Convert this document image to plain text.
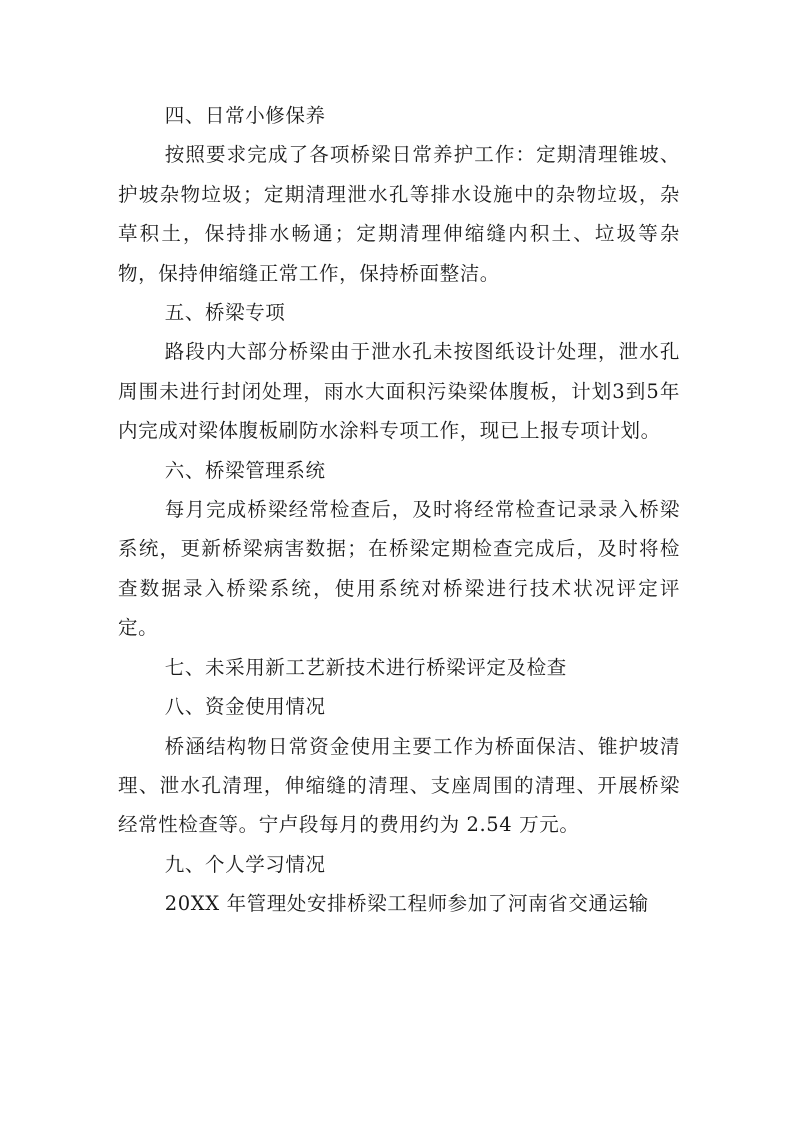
四、日常小修保养

按照要求完成了各项桥梁日常养护工作：定期清理锥坡、护坡杂物垃圾；定期清理泄水孔等排水设施中的杂物垃圾，杂草积土，保持排水畅通；定期清理伸缩缝内积土、垃圾等杂物，保持伸缩缝正常工作，保持桥面整洁。

五、桥梁专项

路段内大部分桥梁由于泄水孔未按图纸设计处理，泄水孔周围未进行封闭处理，雨水大面积污染梁体腹板，计划3到5年内完成对梁体腹板刷防水涂料专项工作，现已上报专项计划。

六、桥梁管理系统

每月完成桥梁经常检查后，及时将经常检查记录录入桥梁系统，更新桥梁病害数据；在桥梁定期检查完成后，及时将检查数据录入桥梁系统，使用系统对桥梁进行技术状况评定评定。

七、未采用新工艺新技术进行桥梁评定及检查

八、资金使用情况

桥涵结构物日常资金使用主要工作为桥面保洁、锥护坡清理、泄水孔清理，伸缩缝的清理、支座周围的清理、开展桥梁经常性检查等。宁卢段每月的费用约为 2.54 万元。

九、个人学习情况

20XX 年管理处安排桥梁工程师参加了河南省交通运输
